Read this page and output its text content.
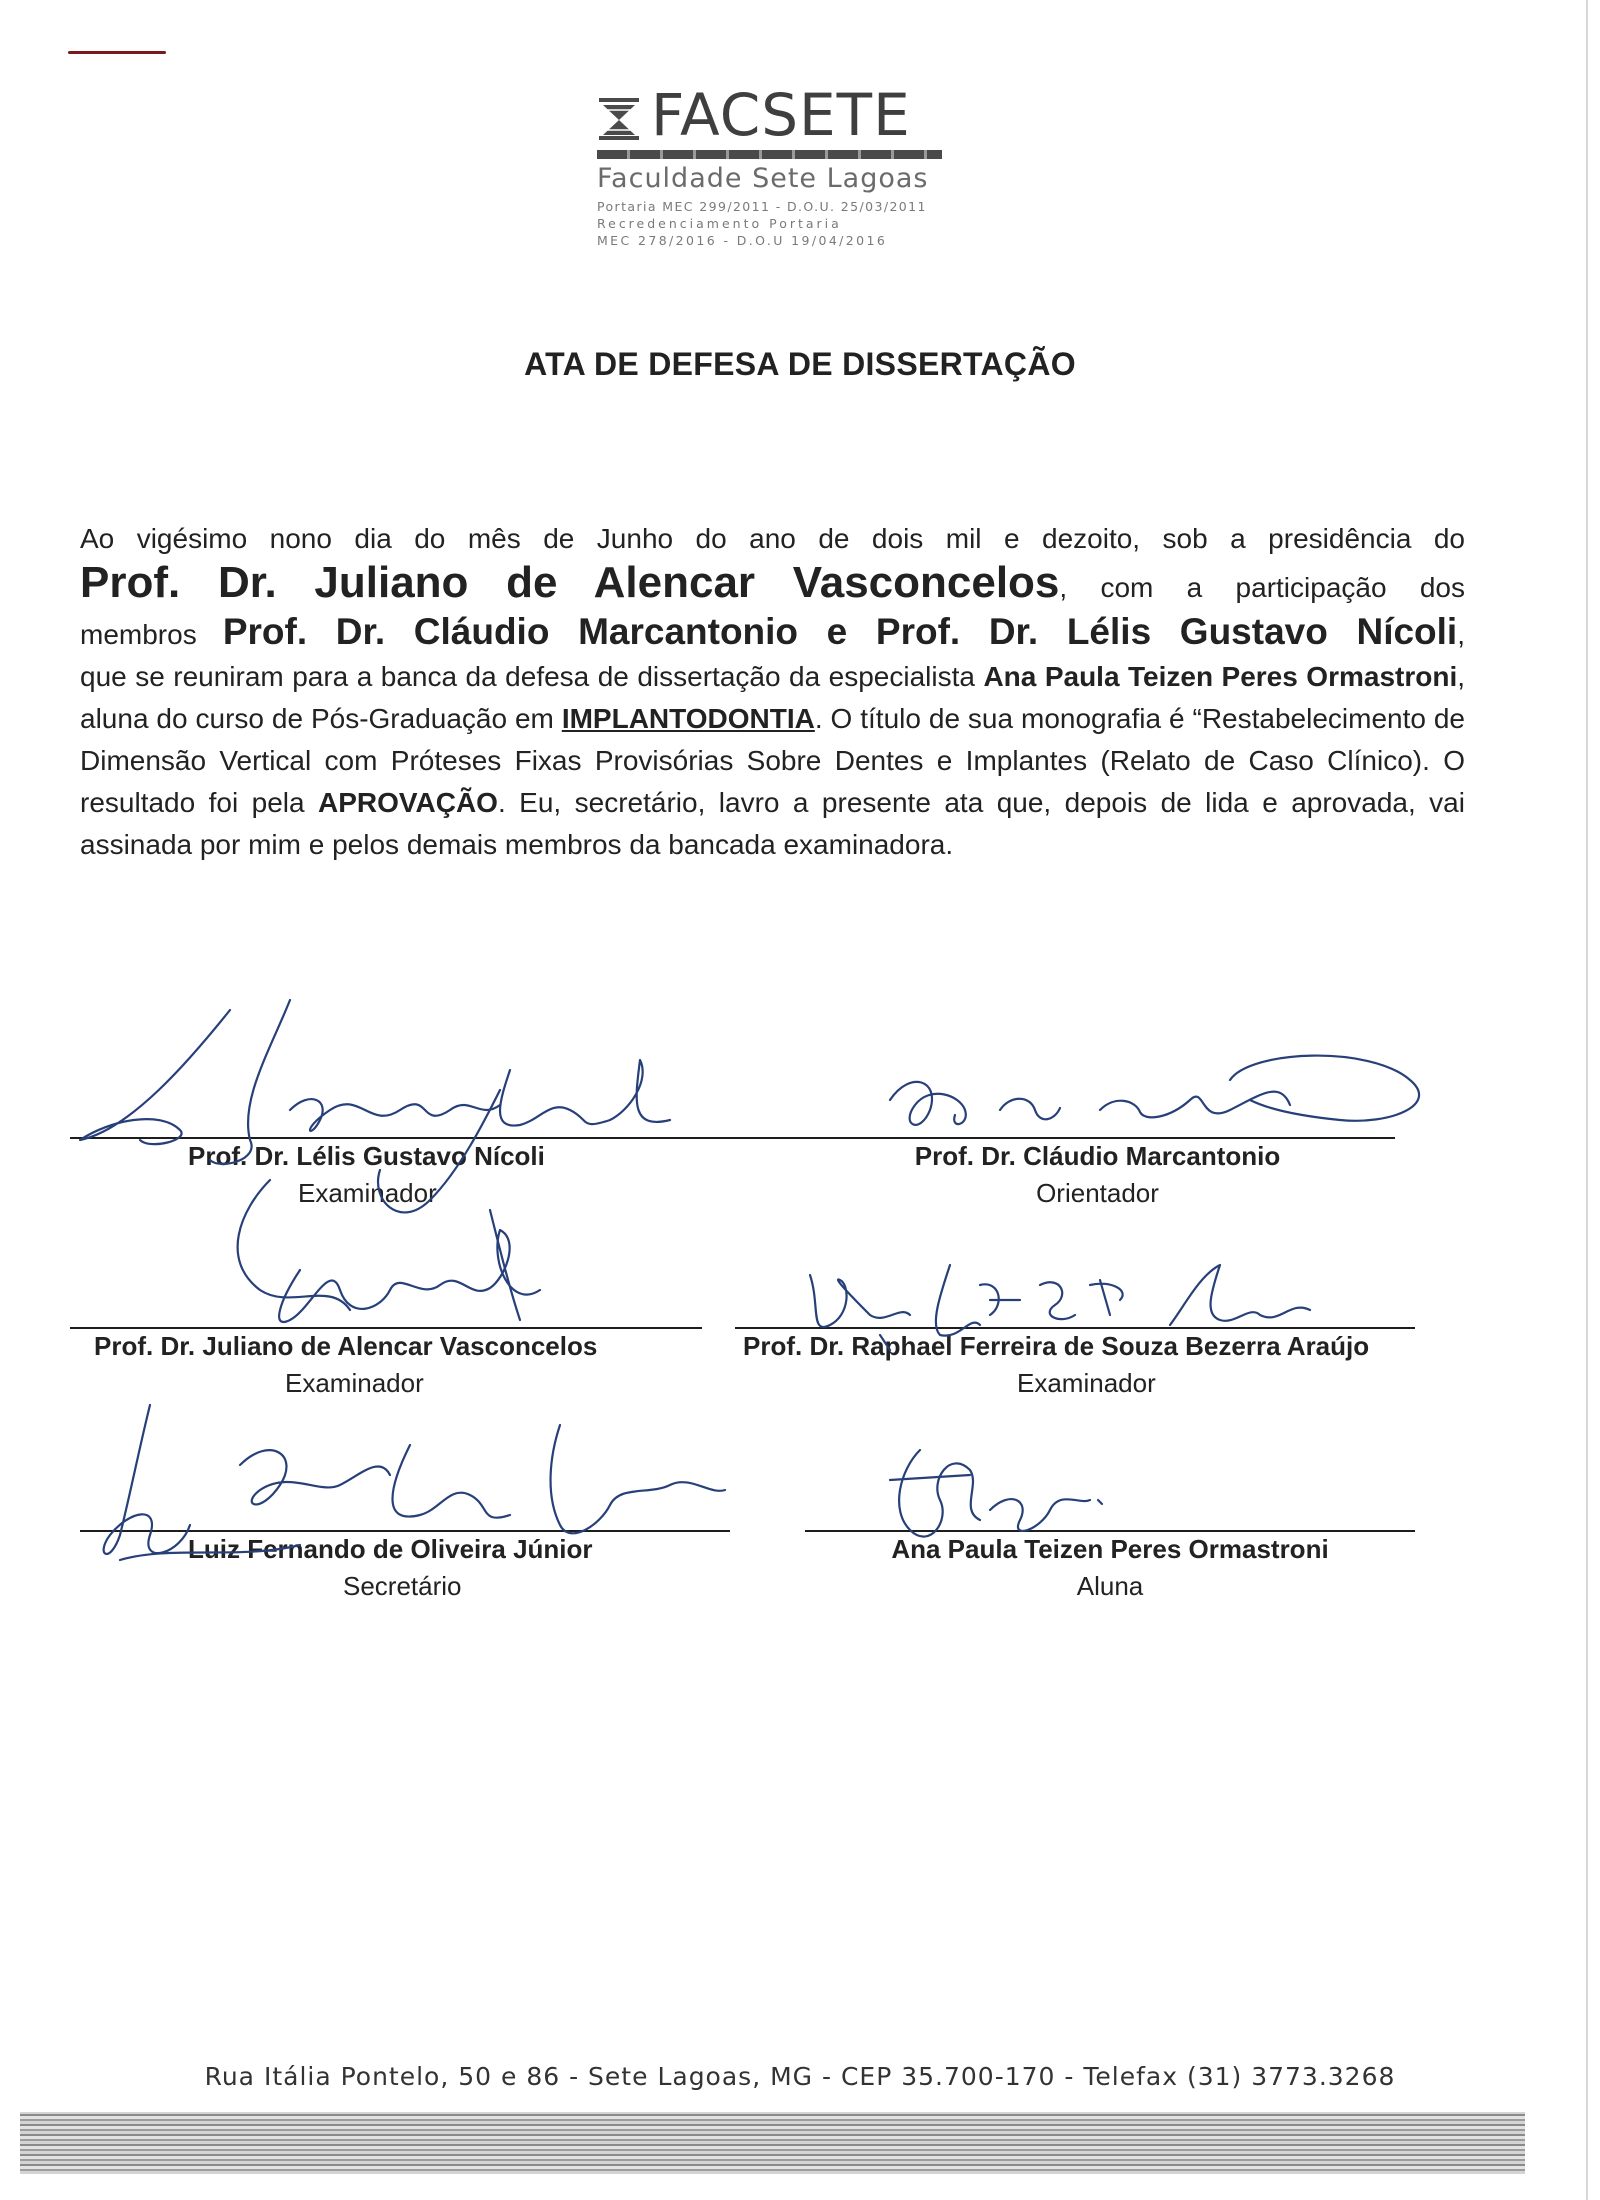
FACSETE
Faculdade Sete Lagoas
Portaria MEC 299/2011 - D.O.U. 25/03/2011
Recredenciamento Portaria
MEC 278/2016 - D.O.U 19/04/2016
ATA DE DEFESA DE DISSERTAÇÃO
Ao vigésimo nono dia do mês de Junho do ano de dois mil e dezoito, sob a presidência do
Prof. Dr. Juliano de Alencar Vasconcelos, com a participação dos
membros Prof. Dr. Cláudio Marcantonio e Prof. Dr. Lélis Gustavo Nícoli,
que se reuniram para a banca da defesa de dissertação da especialista Ana Paula Teizen Peres Ormastroni, aluna do curso de Pós-Graduação em IMPLANTODONTIA. O título de sua monografia é “Restabelecimento de Dimensão Vertical com Próteses Fixas Provisórias Sobre Dentes e Implantes (Relato de Caso Clínico). O resultado foi pela APROVAÇÃO. Eu, secretário, lavro a presente ata que, depois de lida e aprovada, vai assinada por mim e pelos demais membros da bancada examinadora.
Prof. Dr. Lélis Gustavo Nícoli
Examinador
Prof. Dr. Cláudio Marcantonio
Orientador
Prof. Dr. Juliano de Alencar Vasconcelos
Examinador
Prof. Dr. Raphael Ferreira de Souza Bezerra Araújo
Examinador
Luiz Fernando de Oliveira Júnior
Secretário
Ana Paula Teizen Peres Ormastroni
Aluna
Rua Itália Pontelo, 50 e 86 - Sete Lagoas, MG - CEP 35.700-170 - Telefax (31) 3773.3268
